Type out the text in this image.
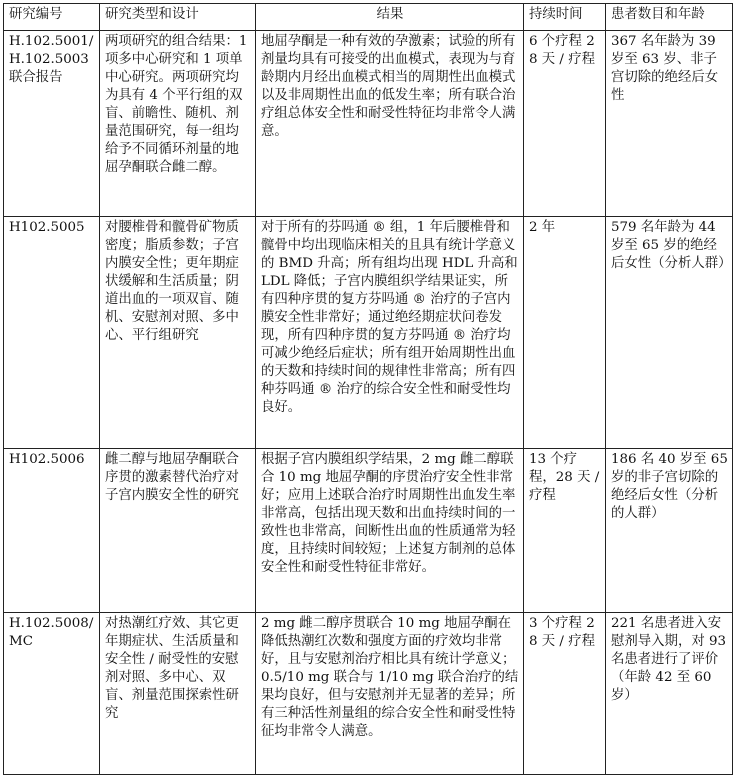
研究编号	研究类型和设计	结果	持续时间	患者数目和年龄
H.102.5001/ H.102.5003 联合报告	两项研究的组合结果：1 项多中心研究和 1 项单中心研究。两项研究均为具有 4 个平行组的双盲、前瞻性、随机、剂量范围研究，每一组均给予不同循环剂量的地屈孕酮联合雌二醇。	地屈孕酮是一种有效的孕激素；试验的所有剂量均具有可接受的出血模式，表现为与育龄期内月经出血模式相当的周期性出血模式以及非周期性出血的低发生率；所有联合治疗组总体安全性和耐受性特征均非常令人满意。	6 个疗程 28 天 / 疗程	367 名年龄为 39 岁至 63 岁、非子宫切除的绝经后女性
H102.5005	对腰椎骨和髋骨矿物质密度；脂质参数；子宫内膜安全性；更年期症状缓解和生活质量；阴道出血的一项双盲、随机、安慰剂对照、多中心、平行组研究	对于所有的芬吗通 ® 组，1 年后腰椎骨和髋骨中均出现临床相关的且具有统计学意义的 BMD 升高；所有组均出现 HDL 升高和 LDL 降低；子宫内膜组织学结果证实，所有四种序贯的复方芬吗通 ® 治疗的子宫内膜安全性非常好；通过绝经期症状问卷发现，所有四种序贯的复方芬吗通 ® 治疗均可减少绝经后症状；所有组开始周期性出血的天数和持续时间的规律性非常高；所有四种芬吗通 ® 治疗的综合安全性和耐受性均良好。	2 年	579 名年龄为 44 岁至 65 岁的绝经后女性（分析人群）
H102.5006	雌二醇与地屈孕酮联合序贯的激素替代治疗对子宫内膜安全性的研究	根据子宫内膜组织学结果，2 mg 雌二醇联合 10 mg 地屈孕酮的序贯治疗安全性非常好；应用上述联合治疗时周期性出血发生率非常高，包括出现天数和出血持续时间的一致性也非常高，间断性出血的性质通常为轻度，且持续时间较短；上述复方制剂的总体安全性和耐受性特征非常好。	13 个疗程，28 天 / 疗程	186 名 40 岁至 65 岁的非子宫切除的绝经后女性（分析的人群）
H.102.5008/ MC	对热潮红疗效、其它更年期症状、生活质量和安全性 / 耐受性的安慰剂对照、多中心、双盲、剂量范围探索性研究	2 mg 雌二醇序贯联合 10 mg 地屈孕酮在降低热潮红次数和强度方面的疗效均非常好，且与安慰剂治疗相比具有统计学意义；0.5/10 mg 联合与 1/10 mg 联合治疗的结果均良好，但与安慰剂并无显著的差异；所有三种活性剂量组的综合安全性和耐受性特征均非常令人满意。	3 个疗程 28 天 / 疗程	221 名患者进入安慰剂导入期，对 93 名患者进行了评价（年龄 42 至 60 岁）
